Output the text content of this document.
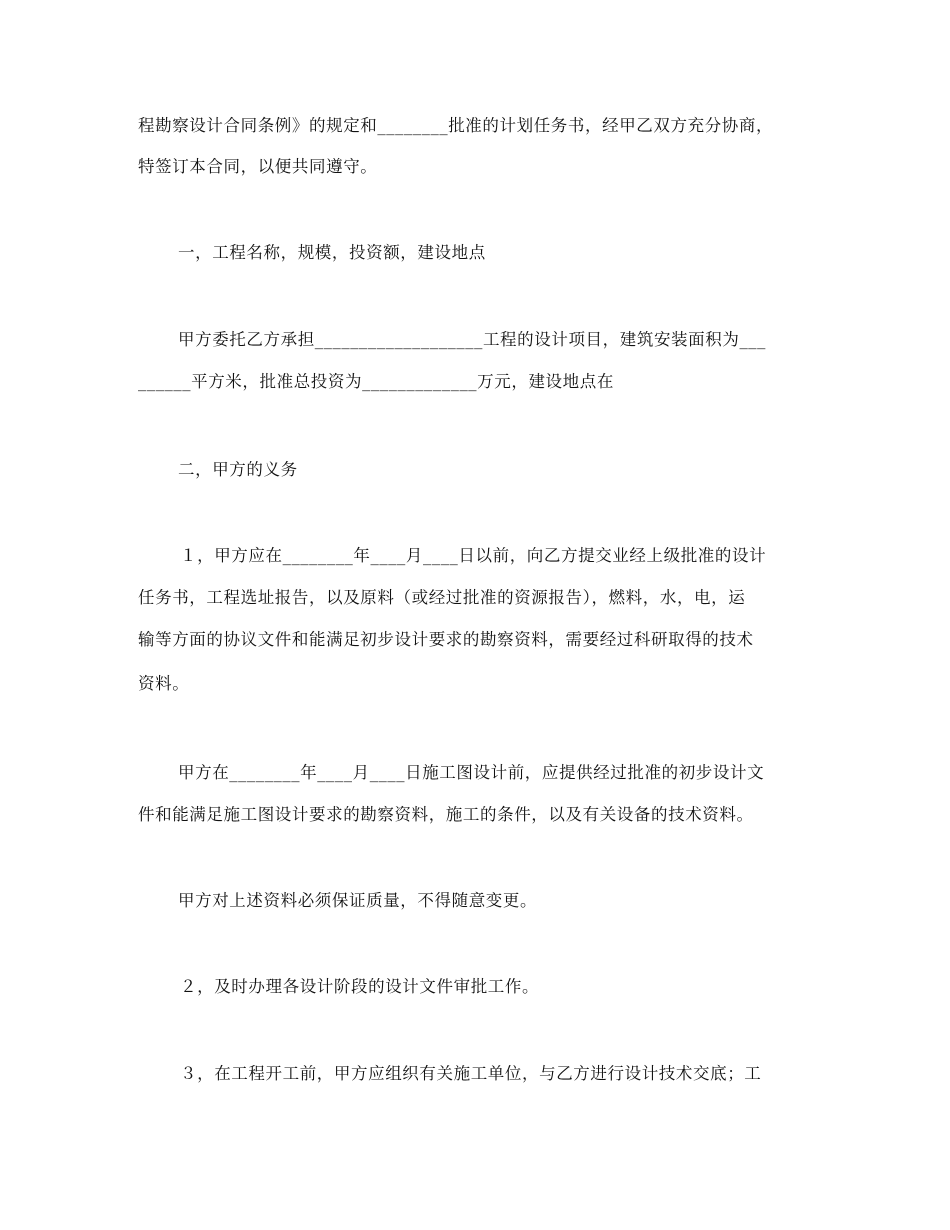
程勘察设计合同条例》的规定和________批准的计划任务书，经甲乙双方充分协商，
特签订本合同，以便共同遵守。
一，工程名称，规模，投资额，建设地点
甲方委托乙方承担___________________工程的设计项目，建筑安装面积为___
______平方米，批准总投资为_____________万元，建设地点在
二，甲方的义务
１，甲方应在________年____月____日以前，向乙方提交业经上级批准的设计
任务书，工程选址报告，以及原料（或经过批准的资源报告），燃料，水，电，运
输等方面的协议文件和能满足初步设计要求的勘察资料，需要经过科研取得的技术
资料。
甲方在________年____月____日施工图设计前，应提供经过批准的初步设计文
件和能满足施工图设计要求的勘察资料，施工的条件，以及有关设备的技术资料。
甲方对上述资料必须保证质量，不得随意变更。
２，及时办理各设计阶段的设计文件审批工作。
３，在工程开工前，甲方应组织有关施工单位，与乙方进行设计技术交底；工
